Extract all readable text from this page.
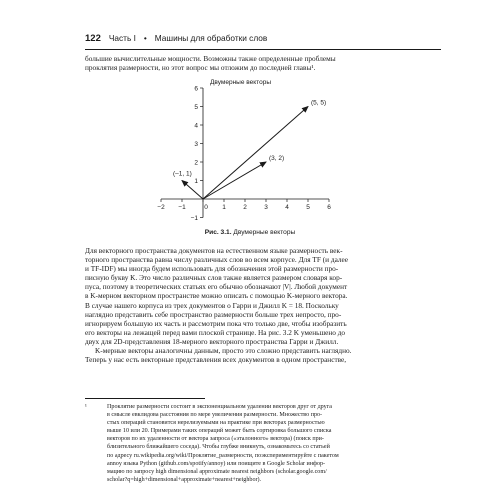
122 Часть I • Машины для обработки слов

большие вычислительные мощности. Возможны также определенные проблемы
проклятия размерности, но этот вопрос мы отложим до последней главы¹.

Двумерные векторы
−2 −1	0 1	2	3	4	5	6
−1
1
2
3
4
5
6
(–1, 1)
(3, 2)
(5, 5)
Рис. 3.1. Двумерные векторы

Для векторного пространства документов на естественном языке размерность век-
торного пространства равна числу различных слов во всем корпусе. Для TF (и далее
и TF-IDF) мы иногда будем использовать для обозначения этой размерности про-
писную букву K. Это число различных слов также является размером словаря кор-
пуса, поэтому в теоретических статьях его обычно обозначают |V|. Любой документ
в K-мерном векторном пространстве можно описать с помощью K-мерного вектора.
В случае нашего корпуса из трех документов о Гарри и Джилл K = 18. Поскольку
наглядно представить себе пространство размерности больше трех непросто, про-
игнорируем большую их часть и рассмотрим пока что только две, чтобы изобразить
его векторы на лежащей перед вами плоской странице. На рис. 3.2 K уменьшено до
двух для 2D-представления 18-мерного векторного пространства Гарри и Джилл.
K-мерные векторы аналогичны данным, просто это сложно представить наглядно.
Теперь у нас есть векторные представления всех документов в одном пространстве,

¹	Проклятие размерности состоит в экспоненциальном удалении векторов друг от друга
в смысле евклидова расстояния по мере увеличения размерности. Множество про-
стых операций становится нерелизуемыми на практике при векторах размерностью
выше 10 или 20. Примерами таких операций может быть сортировка большого списка
векторов по их удаленности от вектора запроса («эталонного» вектора) (поиск при-
близительного ближайшего соседа). Чтобы глубже вникнуть, ознакомьтесь со статьей
по адресу ru.wikipedia.org/wiki/Проклятие_размерности, поэкспериментируйте с пакетом
annoy языка Python (github.com/spotify/annoy) или поищите в Google Scholar инфор-
мацию по запросу high dimensional approximate nearest neighbors (scholar.google.com/
scholar?q=high+dimensional+approximate+nearest+neighbor).
